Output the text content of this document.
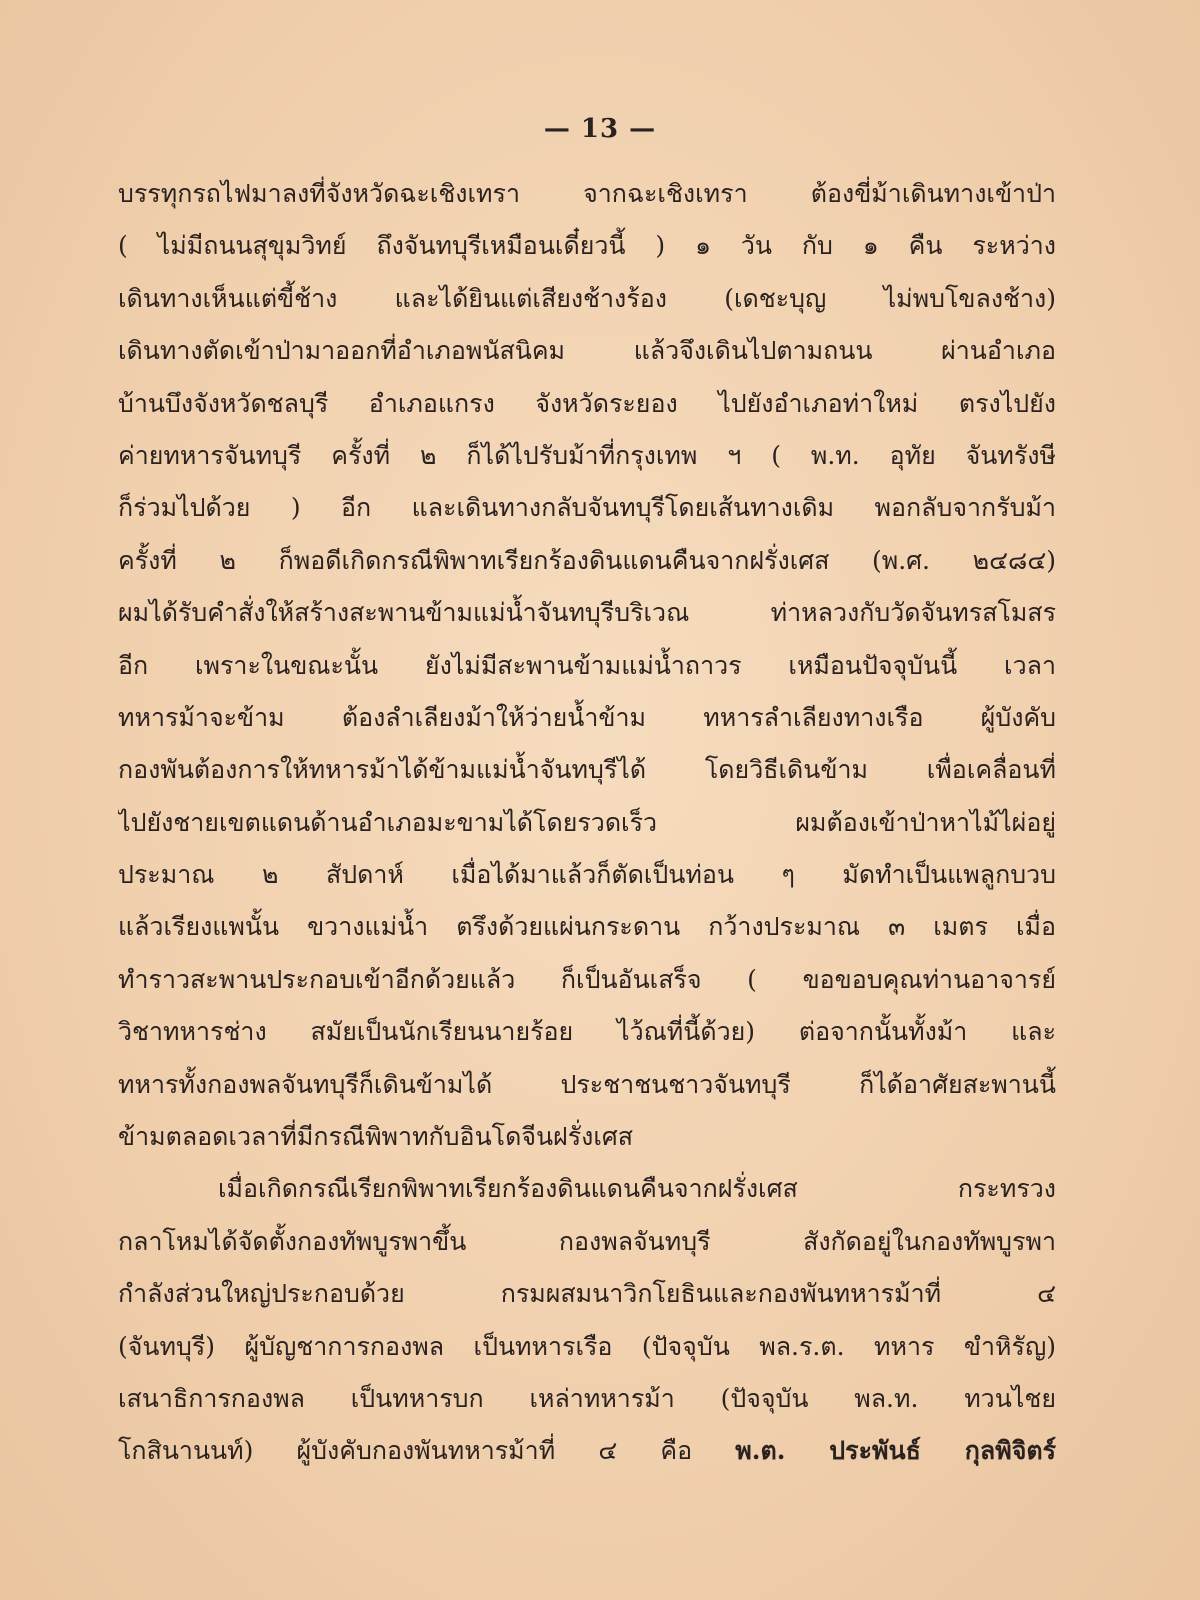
— 13 —
บรรทุกรถไฟมาลงที่จังหวัดฉะเชิงเทรา จากฉะเชิงเทรา ต้องขี่ม้าเดินทางเข้าป่า
( ไม่มีถนนสุขุมวิทย์ ถึงจันทบุรีเหมือนเดี๋ยวนี้ ) ๑ วัน กับ ๑ คืน ระหว่าง
เดินทางเห็นแต่ขี้ช้าง และได้ยินแต่เสียงช้างร้อง (เดชะบุญ ไม่พบโขลงช้าง)
เดินทางตัดเข้าป่ามาออกที่อำเภอพนัสนิคม แล้วจึงเดินไปตามถนน ผ่านอำเภอ
บ้านบึงจังหวัดชลบุรี อำเภอแกรง จังหวัดระยอง ไปยังอำเภอท่าใหม่ ตรงไปยัง
ค่ายทหารจันทบุรี ครั้งที่ ๒ ก็ได้ไปรับม้าที่กรุงเทพ ฯ ( พ.ท. อุทัย จันทรังษี
ก็ร่วมไปด้วย ) อีก และเดินทางกลับจันทบุรีโดยเส้นทางเดิม พอกลับจากรับม้า
ครั้งที่ ๒ ก็พอดีเกิดกรณีพิพาทเรียกร้องดินแดนคืนจากฝรั่งเศส (พ.ศ. ๒๔๘๔)
ผมได้รับคำสั่งให้สร้างสะพานข้ามแม่น้ำจันทบุรีบริเวณ ท่าหลวงกับวัดจันทรสโมสร
อีก เพราะในขณะนั้น ยังไม่มีสะพานข้ามแม่น้ำถาวร เหมือนปัจจุบันนี้ เวลา
ทหารม้าจะข้าม ต้องลำเลียงม้าให้ว่ายน้ำข้าม ทหารลำเลียงทางเรือ ผู้บังคับ
กองพันต้องการให้ทหารม้าได้ข้ามแม่น้ำจันทบุรีได้ โดยวิธีเดินข้าม เพื่อเคลื่อนที่
ไปยังชายเขตแดนด้านอำเภอมะขามได้โดยรวดเร็ว ผมต้องเข้าป่าหาไม้ไผ่อยู่
ประมาณ ๒ สัปดาห์ เมื่อได้มาแล้วก็ตัดเป็นท่อน ๆ มัดทำเป็นแพลูกบวบ
แล้วเรียงแพนั้น ขวางแม่น้ำ ตรึงด้วยแผ่นกระดาน กว้างประมาณ ๓ เมตร เมื่อ
ทำราวสะพานประกอบเข้าอีกด้วยแล้ว ก็เป็นอันเสร็จ ( ขอขอบคุณท่านอาจารย์
วิชาทหารช่าง สมัยเป็นนักเรียนนายร้อย ไว้ณที่นี้ด้วย) ต่อจากนั้นทั้งม้า และ
ทหารทั้งกองพลจันทบุรีก็เดินข้ามได้ ประชาชนชาวจันทบุรี ก็ได้อาศัยสะพานนี้
ข้ามตลอดเวลาที่มีกรณีพิพาทกับอินโดจีนฝรั่งเศส
เมื่อเกิดกรณีเรียกพิพาทเรียกร้องดินแดนคืนจากฝรั่งเศส กระทรวง
กลาโหมได้จัดตั้งกองทัพบูรพาขึ้น กองพลจันทบุรี สังกัดอยู่ในกองทัพบูรพา
กำลังส่วนใหญ่ประกอบด้วย กรมผสมนาวิกโยธินและกองพันทหารม้าที่ ๔
(จันทบุรี) ผู้บัญชาการกองพล เป็นทหารเรือ (ปัจจุบัน พล.ร.ต. ทหาร ขำหิรัญ)
เสนาธิการกองพล เป็นทหารบก เหล่าทหารม้า (ปัจจุบัน พล.ท. ทวนไชย
โกสินานนท์) ผู้บังคับกองพันทหารม้าที่ ๔ คือ พ.ต. ประพันธ์ กุลพิจิตร์
